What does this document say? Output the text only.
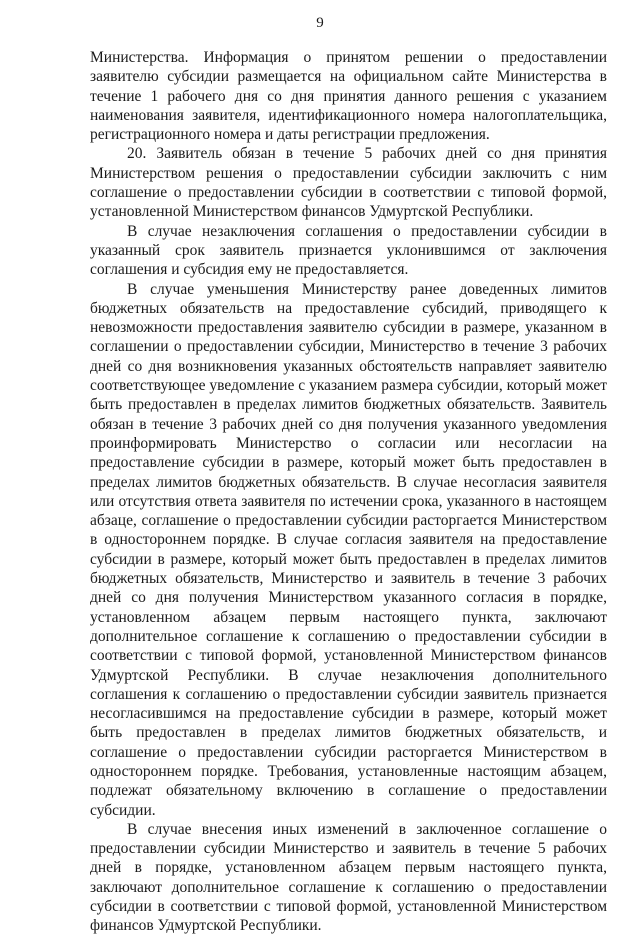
9

Министерства. Информация о принятом решении о предоставлении заявителю субсидии размещается на официальном сайте Министерства в течение 1 рабочего дня со дня принятия данного решения с указанием наименования заявителя, идентификационного номера налогоплательщика, регистрационного номера и даты регистрации предложения.

20. Заявитель обязан в течение 5 рабочих дней со дня принятия Министерством решения о предоставлении субсидии заключить с ним соглашение о предоставлении субсидии в соответствии с типовой формой, установленной Министерством финансов Удмуртской Республики.

В случае незаключения соглашения о предоставлении субсидии в указанный срок заявитель признается уклонившимся от заключения соглашения и субсидия ему не предоставляется.

В случае уменьшения Министерству ранее доведенных лимитов бюджетных обязательств на предоставление субсидий, приводящего к невозможности предоставления заявителю субсидии в размере, указанном в соглашении о предоставлении субсидии, Министерство в течение 3 рабочих дней со дня возникновения указанных обстоятельств направляет заявителю соответствующее уведомление с указанием размера субсидии, который может быть предоставлен в пределах лимитов бюджетных обязательств. Заявитель обязан в течение 3 рабочих дней со дня получения указанного уведомления проинформировать Министерство о согласии или несогласии на предоставление субсидии в размере, который может быть предоставлен в пределах лимитов бюджетных обязательств. В случае несогласия заявителя или отсутствия ответа заявителя по истечении срока, указанного в настоящем абзаце, соглашение о предоставлении субсидии расторгается Министерством в одностороннем порядке. В случае согласия заявителя на предоставление субсидии в размере, который может быть предоставлен в пределах лимитов бюджетных обязательств, Министерство и заявитель в течение 3 рабочих дней со дня получения Министерством указанного согласия в порядке, установленном абзацем первым настоящего пункта, заключают дополнительное соглашение к соглашению о предоставлении субсидии в соответствии с типовой формой, установленной Министерством финансов Удмуртской Республики. В случае незаключения дополнительного соглашения к соглашению о предоставлении субсидии заявитель признается несогласившимся на предоставление субсидии в размере, который может быть предоставлен в пределах лимитов бюджетных обязательств, и соглашение о предоставлении субсидии расторгается Министерством в одностороннем порядке. Требования, установленные настоящим абзацем, подлежат обязательному включению в соглашение о предоставлении субсидии.

В случае внесения иных изменений в заключенное соглашение о предоставлении субсидии Министерство и заявитель в течение 5 рабочих дней в порядке, установленном абзацем первым настоящего пункта, заключают дополнительное соглашение к соглашению о предоставлении субсидии в соответствии с типовой формой, установленной Министерством финансов Удмуртской Республики.
